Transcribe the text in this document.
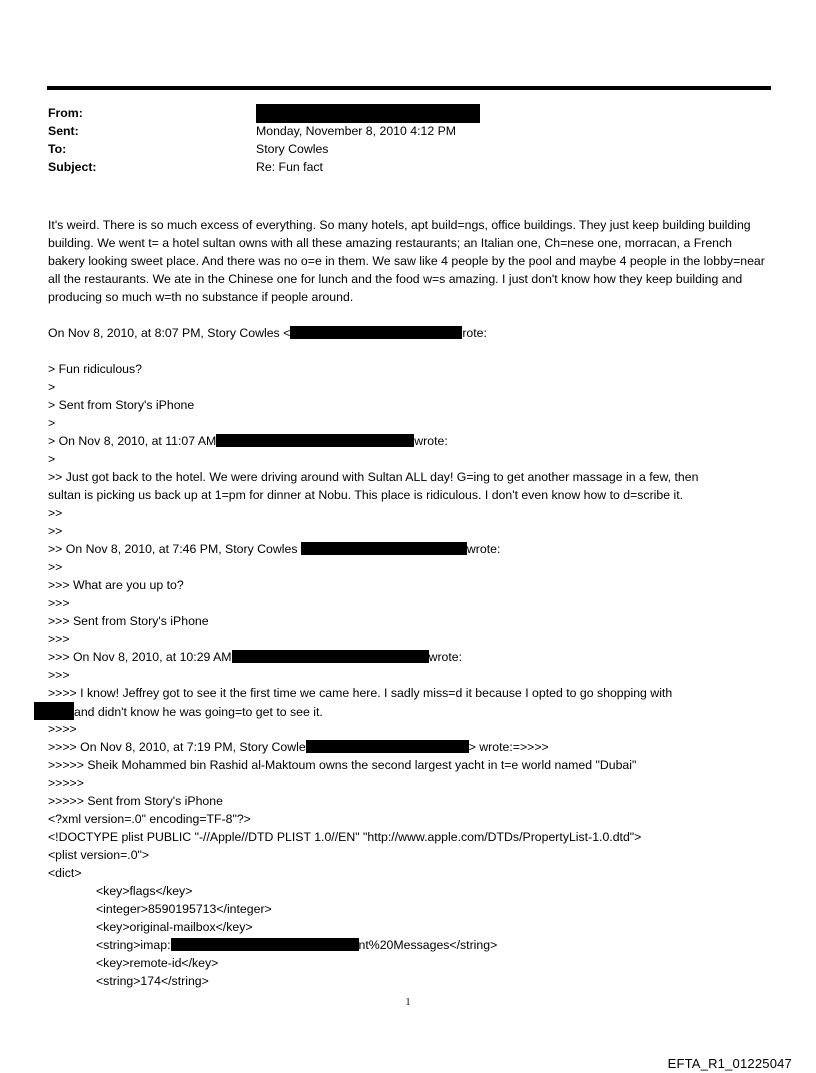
From:
Sent:	Monday, November 8, 2010 4:12 PM
To:	Story Cowles
Subject:	Re: Fun fact

It's weird. There is so much excess of everything. So many hotels, apt build=ngs, office buildings. They just keep building building building. We went t= a hotel sultan owns with all these amazing restaurants; an Italian one, Ch=nese one, morracan, a French bakery looking sweet place. And there was no o=e in them. We saw like 4 people by the pool and maybe 4 people in the lobby=near all the restaurants. We ate in the Chinese one for lunch and the food w=s amazing. I just don't know how they keep building and producing so much w=th no substance if people around.

On Nov 8, 2010, at 8:07 PM, Story Cowles <	rote:
> Fun ridiculous?
>
> Sent from Story's iPhone
>
> On Nov 8, 2010, at 11:07 AM	wrote:
>
>> Just got back to the hotel. We were driving around with Sultan ALL day! G=ing to get another massage in a few, then
sultan is picking us back up at 1=pm for dinner at Nobu. This place is ridiculous. I don't even know how to d=scribe it.
>>
>>
>> On Nov 8, 2010, at 7:46 PM, Story Cowles	wrote:
>>
>>> What are you up to?
>>>
>>> Sent from Story's iPhone
>>>
>>> On Nov 8, 2010, at 10:29 AM	wrote:
>>>
>>>> I know! Jeffrey got to see it the first time we came here. I sadly miss=d it because I opted to go shopping with
and didn't know he was going=to get to see it.
>>>>
>>>> On Nov 8, 2010, at 7:19 PM, Story Cowle	> wrote:=>>>>
>>>>> Sheik Mohammed bin Rashid al-Maktoum owns the second largest yacht in t=e world named "Dubai"
>>>>>
>>>>> Sent from Story's iPhone
<?xml version=.0" encoding=TF-8"?>
<!DOCTYPE plist PUBLIC "-//Apple//DTD PLIST 1.0//EN" "http://www.apple.com/DTDs/PropertyList-1.0.dtd">
<plist version=.0">
<dict>
<key>flags</key>
<integer>8590195713</integer>
<key>original-mailbox</key>
<string>imap:	nt%20Messages</string>
<key>remote-id</key>
<string>174</string>
1
EFTA_R1_01225047
